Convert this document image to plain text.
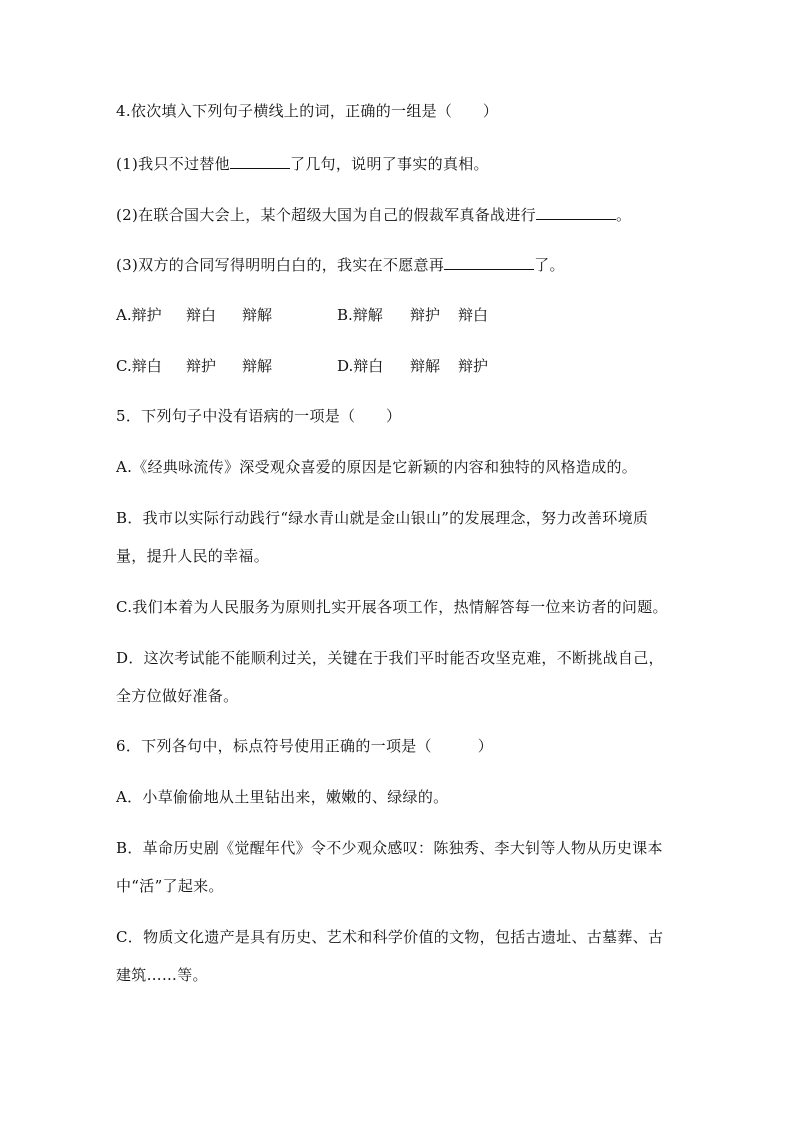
4.依次填入下列句子横线上的词，正确的一组是（　　）
(1)我只不过替他	了几句，说明了事实的真相。
(2)在联合国大会上，某个超级大国为自己的假裁军真备战进行	。
(3)双方的合同写得明明白白的，我实在不愿意再	了。
A.辩护 辩白 辩解	B.辩解 辩护 辩白
C.辩白 辩护 辩解	D.辩白 辩解 辩护
5．下列句子中没有语病的一项是（　　）
A.《经典咏流传》深受观众喜爱的原因是它新颖的内容和独特的风格造成的。
B．我市以实际行动践行“绿水青山就是金山银山”的发展理念，努力改善环境质
量，提升人民的幸福。
C.我们本着为人民服务为原则扎实开展各项工作，热情解答每一位来访者的问题。
D．这次考试能不能顺利过关，关键在于我们平时能否攻坚克难，不断挑战自己，
全方位做好准备。
6．下列各句中，标点符号使用正确的一项是（　　　）
A．小草偷偷地从土里钻出来，嫩嫩的、绿绿的。
B．革命历史剧《觉醒年代》令不少观众感叹：陈独秀、李大钊等人物从历史课本
中“活”了起来。
C．物质文化遗产是具有历史、艺术和科学价值的文物，包括古遗址、古墓葬、古
建筑……等。
